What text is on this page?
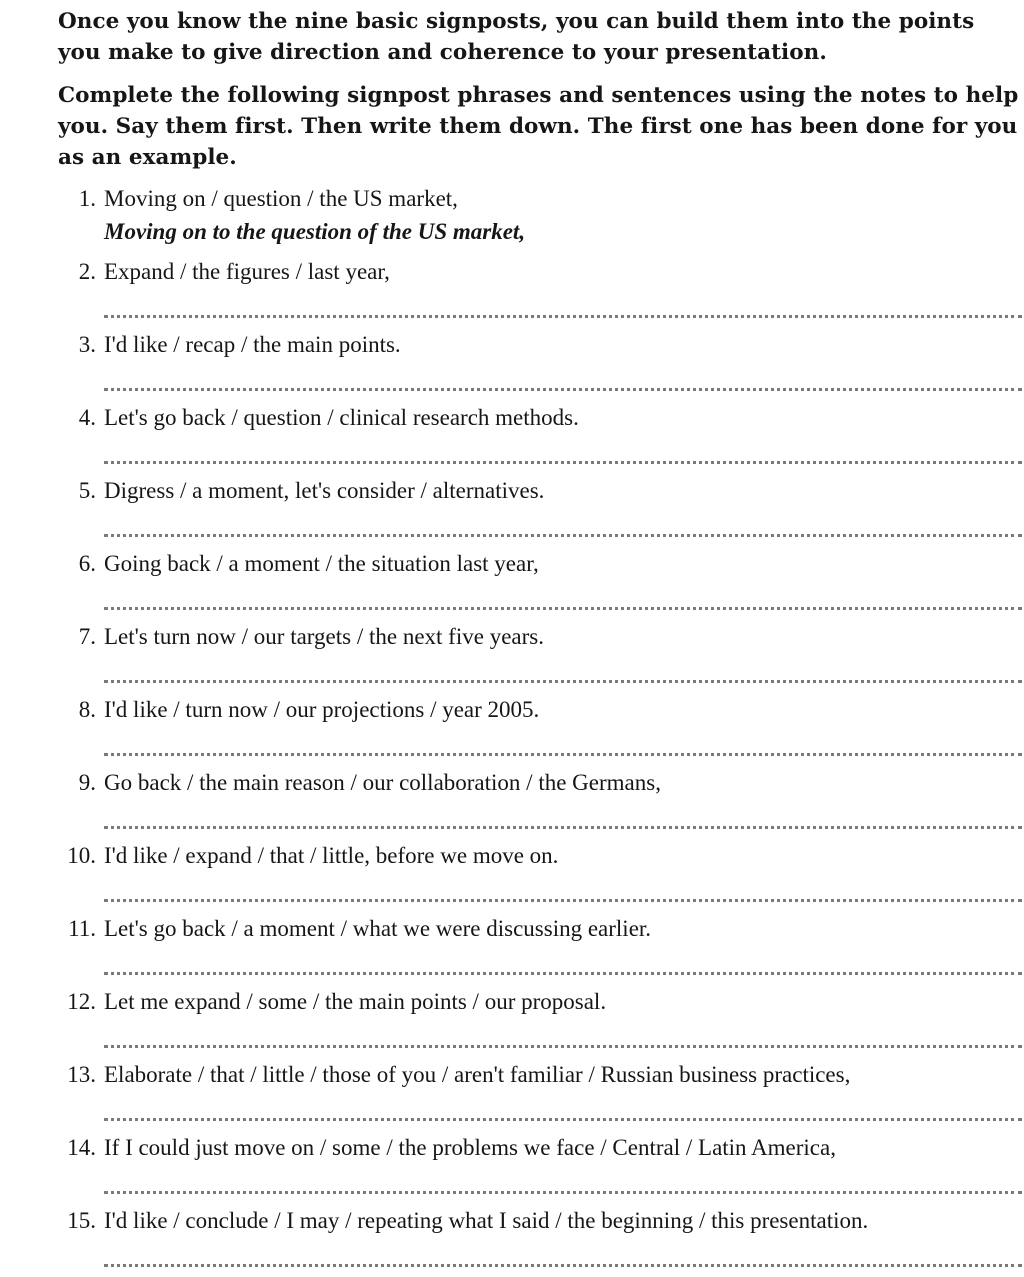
Once you know the nine basic signposts, you can build them into the points you make to give direction and coherence to your presentation.
Complete the following signpost phrases and sentences using the notes to help you. Say them first. Then write them down. The first one has been done for you as an example.
1. Moving on / question / the US market,
Moving on to the question of the US market,
2. Expand / the figures / last year,
3. I'd like / recap / the main points.
4. Let's go back / question / clinical research methods.
5. Digress / a moment, let's consider / alternatives.
6. Going back / a moment / the situation last year,
7. Let's turn now / our targets / the next five years.
8. I'd like / turn now / our projections / year 2005.
9. Go back / the main reason / our collaboration / the Germans,
10. I'd like / expand / that / little, before we move on.
11. Let's go back / a moment / what we were discussing earlier.
12. Let me expand / some / the main points / our proposal.
13. Elaborate / that / little / those of you / aren't familiar / Russian business practices,
14. If I could just move on / some / the problems we face / Central / Latin America,
15. I'd like / conclude / I may / repeating what I said / the beginning / this presentation.
